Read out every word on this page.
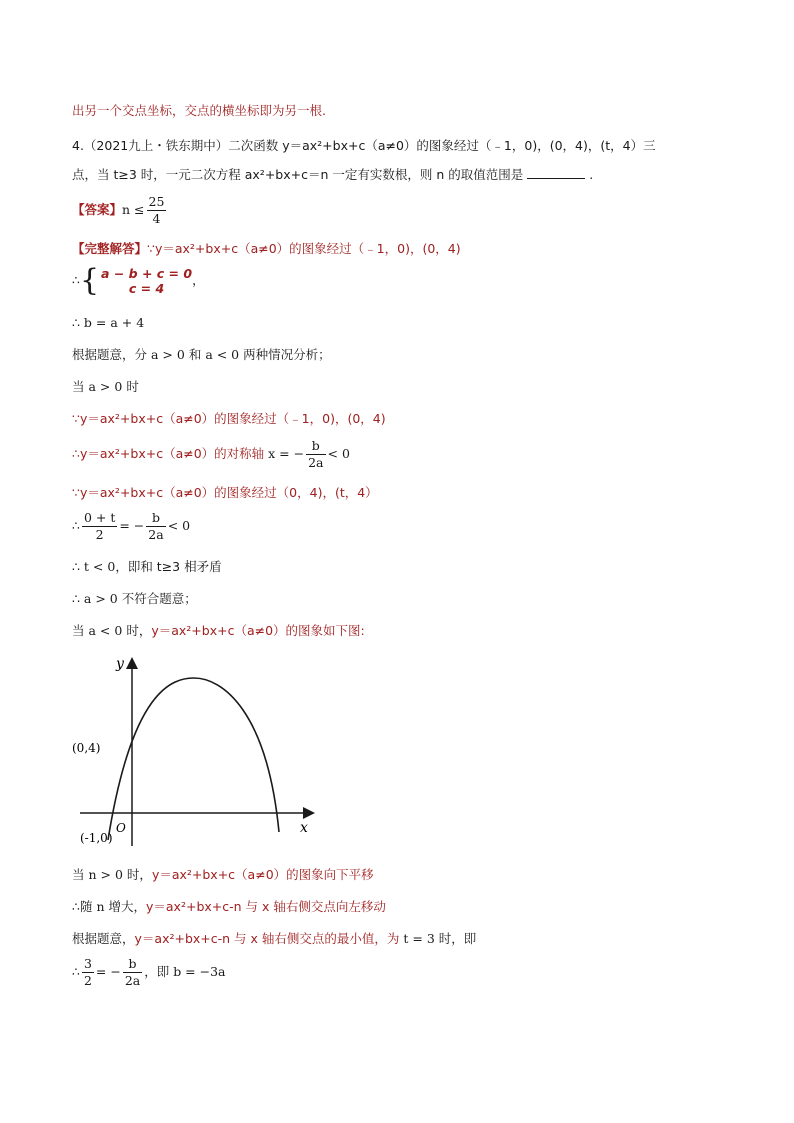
出另一个交点坐标，交点的横坐标即为另一根.
4.（2021九上・铁东期中）二次函数 y＝ax²+bx+c（a≠0）的图象经过（﹣1，0)，(0，4)，(t，4）三
点，当 t≥3 时，一元二次方程 ax²+bx+c＝n 一定有实数根，则 n 的取值范围是	.
【答案】$n \le \frac{25}{4}$
【完整解答】∵y＝ax²+bx+c（a≠0）的图象经过（﹣1，0)，(0，4)
∴{ a − b + c = 0
c = 4
，
∴ b = a + 4
根据题意，分 a > 0 和 a < 0 两种情况分析；
当 a > 0 时
∵y＝ax²+bx+c（a≠0）的图象经过（﹣1，0)，(0，4)
∴y＝ax²+bx+c（a≠0）的对称轴 x = − $\frac{b}{2a} < 0$
∵y＝ax²+bx+c（a≠0）的图象经过（0，4)，(t，4）
∴ $\frac{0 + t}{2}$ = − $\frac{b}{2a} < 0$
∴ t < 0，即和 t≥3 相矛盾
∴ a > 0 不符合题意；
当 a < 0 时，y＝ax²+bx+c（a≠0）的图象如下图:
y
x
O
(0,4)
(-1,0)
当 n > 0 时，y＝ax²+bx+c（a≠0）的图象向下平移
∴随 n 增大，y＝ax²+bx+c-n 与 x 轴右侧交点向左移动
根据题意，y＝ax²+bx+c-n 与 x 轴右侧交点的最小值，为 t = 3 时，即
∴ $\frac{3}{2}$ = − $\frac{b}{2a}$ ，即 b = −3a
